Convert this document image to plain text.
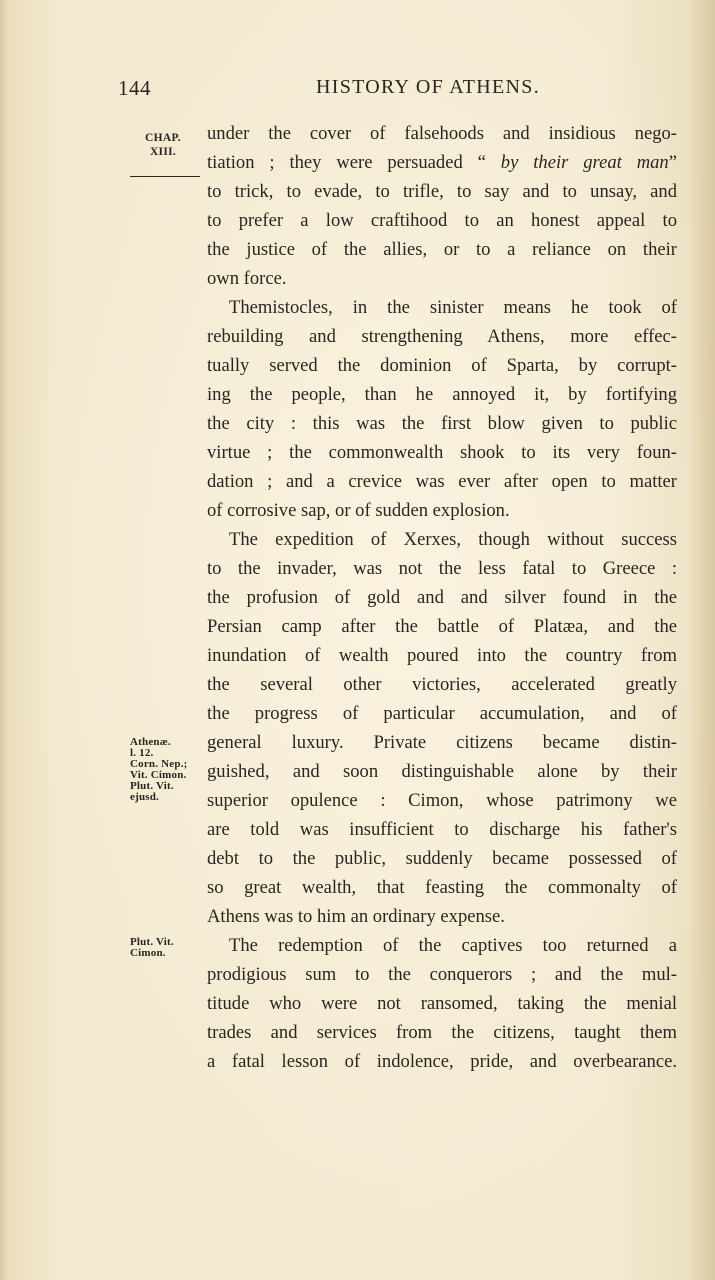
144	HISTORY OF ATHENS.
CHAP.
XIII.
under the cover of falsehoods and insidious nego-
tiation ; they were persuaded “ by their great man”
to trick, to evade, to trifle, to say and to unsay, and
to prefer a low craftihood to an honest appeal to
the justice of the allies, or to a reliance on their
own force.
Themistocles, in the sinister means he took of
rebuilding and strengthening Athens, more effec-
tually served the dominion of Sparta, by corrupt-
ing the people, than he annoyed it, by fortifying
the city : this was the first blow given to public
virtue ; the commonwealth shook to its very foun-
dation ; and a crevice was ever after open to matter
of corrosive sap, or of sudden explosion.
The expedition of Xerxes, though without success
to the invader, was not the less fatal to Greece :
the profusion of gold and and silver found in the
Persian camp after the battle of Platæa, and the
inundation of wealth poured into the country from
the several other victories, accelerated greatly
the progress of particular accumulation, and of
general luxury. Private citizens became distin-
guished, and soon distinguishable alone by their
superior opulence : Cimon, whose patrimony we
are told was insufficient to discharge his father's
debt to the public, suddenly became possessed of
so great wealth, that feasting the commonalty of
Athens was to him an ordinary expense.
The redemption of the captives too returned a
prodigious sum to the conquerors ; and the mul-
titude who were not ransomed, taking the menial
trades and services from the citizens, taught them
a fatal lesson of indolence, pride, and overbearance.
Athenæ.
l. 12.
Corn. Nep.;
Vit. Cimon.
Plut. Vit.
ejusd.
Plut. Vit.
Cimon.
